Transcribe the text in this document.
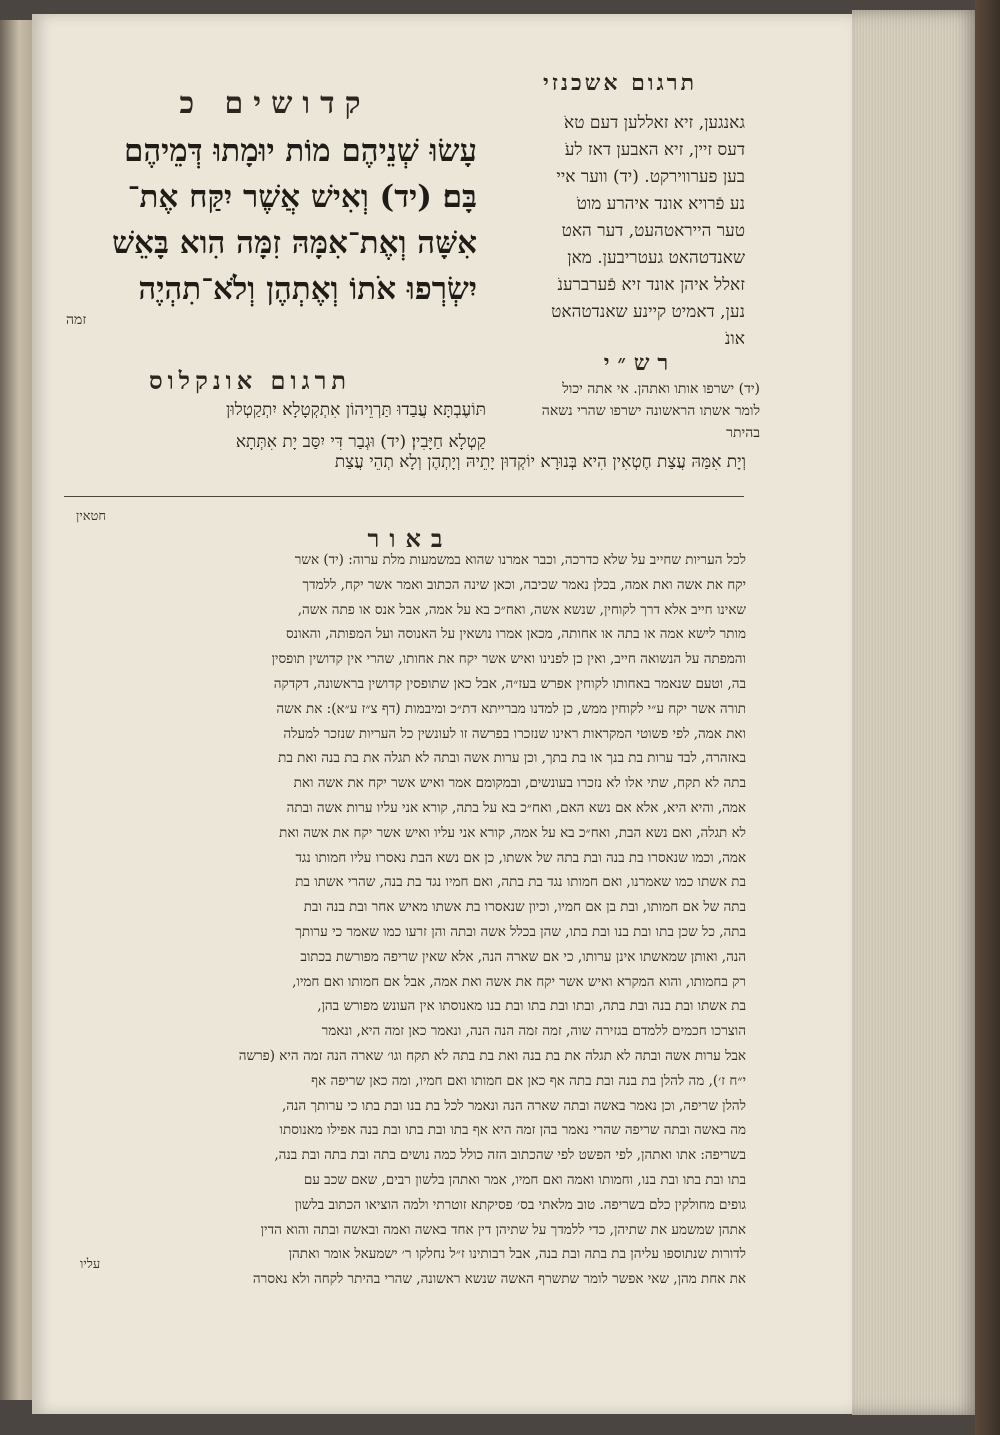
תרגום אשכנזי
קדושים כ
גאנגען, זיא זאללען דעם טאֹ
דעס זיין, זיא האבען דאז לעֹ
בען פערווירקט. (יד) ווער איי
נע פֿרויא אונד איהרע מוטֹ
טער הייראטהעט, דער האט
שאנדטהאט געטריבען. מאן
זאלל איהן אונד זיא פֿערברענֹ
נען, דאמיט קיינע שאנדטהאט
אונֹ
עָשׂוּ שְׁנֵיהֶם מוֹת יוּמָתוּ דְּמֵיהֶם
בָּם׃ (יד) וְאִישׁ אֲשֶׁר יִקַּח אֶת־
אִשָּׁה וְאֶת־אִמָּהּ זִמָּה הִוא בָּאֵשׁ
יִשְׂרְפוּ אֹתוֹ וְאֶתְהֶן וְלֹא־תִהְיֶה
זמה
רש״י
(יד) ישרפו אותו ואתהן. אי אתה יכול
לומר אשתו הראשונה ישרפו שהרי נשאה
בהיתר
תרגום אונקלוס
תּוֹעֶבְתָּא עֲבַדוּ תַּרְוֵיהוֹן אִתְקְטָלָא יִתְקַטְלוּן
קַטְלָא חַיָּבִין׃ (יד) וּגְבַר דִּי יִסַּב יָת אִתְּתָא
וְיָת אִמַּהּ עֲצַת חֶטְאִין הִיא בְּנוּרָא יוֹקְדוּן יָתֵיהּ וְיָתְהֶן וְלָא תְהֵי עֲצַת
חטאין
באור
לכל העריות שחייב על שלא כדרכה, וכבר אמרנו שהוא במשמעות מלת ערוה: (יד) אשר
יקח את אשה ואת אמה, בכלן נאמר שכיבה, וכאן שינה הכתוב ואמר אשר יקח, ללמדך
שאינו חייב אלא דרך לקוחין, שנשא אשה, ואח״כ בא על אמה, אבל אנס או פתה אשה,
מותר לישא אמה או בתה או אחותה, מכאן אמרו נושאין על האנוסה ועל המפותה, והאונס
והמפתה על הנשואה חייב, ואין כן לפנינו ואיש אשר יקח את אחותו, שהרי אין קדושין תופסין
בה, וטעם שנאמר באחותו לקוחין אפרש בעז״ה, אבל כאן שתופסין קדושין בראשונה, דקדקה
תורה אשר יקח ע״י לקוחין ממש, כן למדנו מברייתא דת״כ ומיבמות (דף צ״ז ע״א): את אשה
ואת אמה, לפי פשוטי המקראות ראינו שנזכרו בפרשה זו לעונשין כל העריות שנזכר למעלה
באזהרה, לבד ערות בת בנך או בת בתך, וכן ערות אשה ובתה לא תגלה את בת בנה ואת בת
בתה לא תקח, שתי אלו לא נזכרו בעונשים, ובמקומם אמר ואיש אשר יקח את אשה ואת
אמה, והיא היא, אלא אם נשא האם, ואח״כ בא על בתה, קורא אני עליו ערות אשה ובתה
לא תגלה, ואם נשא הבת, ואח״כ בא על אמה, קורא אני עליו ואיש אשר יקח את אשה ואת
אמה, וכמו שנאסרו בת בנה ובת בתה של אשתו, כן אם נשא הבת נאסרו עליו חמותו נגד
בת אשתו כמו שאמרנו, ואם חמותו נגד בת בתה, ואם חמיו נגד בת בנה, שהרי אשתו בת
בתה של אם חמותו, ובת בן אם חמיו, וכיון שנאסרו בת אשתו מאיש אחר ובת בנה ובת
בתה, כל שכן בתו ובת בנו ובת בתו, שהן בכלל אשה ובתה והן זרעו כמו שאמר כי ערותך
הנה, ואותן שמאשתו אינן ערותו, כי אם שארה הנה, אלא שאין שריפה מפורשת בכתוב
רק בחמותו, והוא המקרא ואיש אשר יקח את אשה ואת אמה, אבל אם חמותו ואם חמיו,
בת אשתו ובת בנה ובת בתה, ובתו ובת בתו ובת בנו מאנוסתו אין העונש מפורש בהן,
הוצרכו חכמים ללמדם בגזירה שוה, זמה זמה הנה הנה, ונאמר כאן זמה היא, ונאמר
אבל ערות אשה ובתה לא תגלה את בת בנה ואת בת בתה לא תקח וגו׳ שארה הנה זמה היא (פרשה
י״ח ז׳), מה להלן בת בנה ובת בתה אף כאן אם חמותו ואם חמיו, ומה כאן שריפה אף
להלן שריפה, וכן נאמר באשה ובתה שארה הנה ונאמר לכל בת בנו ובת בתו כי ערותך הנה,
מה באשה ובתה שריפה שהרי נאמר בהן זמה היא אף בתו ובת בתו ובת בנה אפילו מאנוסתו
בשריפה: אתו ואתהן, לפי הפשט לפי שהכתוב הזה כולל כמה נושים בתה ובת בתה ובת בנה,
בתו ובת בתו ובת בנו, וחמותו ואמה ואם חמיו, אמר ואתהן בלשון רבים, שאם שכב עם
גופים מחולקין כלם בשריפה. טוב מלאתי בס׳ פסיקתא זוטרתי ולמה הוציאו הכתוב בלשון
אתהן שמשמע את שתיהן, כדי ללמדך על שתיהן דין אחד באשה ואמה ובאשה ובתה והוא הדין
לדורות שנתוספו עליהן בת בתה ובת בנה, אבל רבותינו ז״ל נחלקו ר׳ ישמעאל אומר ואתהן
את אחת מהן, שאי אפשר לומר שתשרף האשה שנשא ראשונה, שהרי בהיתר לקחה ולא נאסרה
עליו
